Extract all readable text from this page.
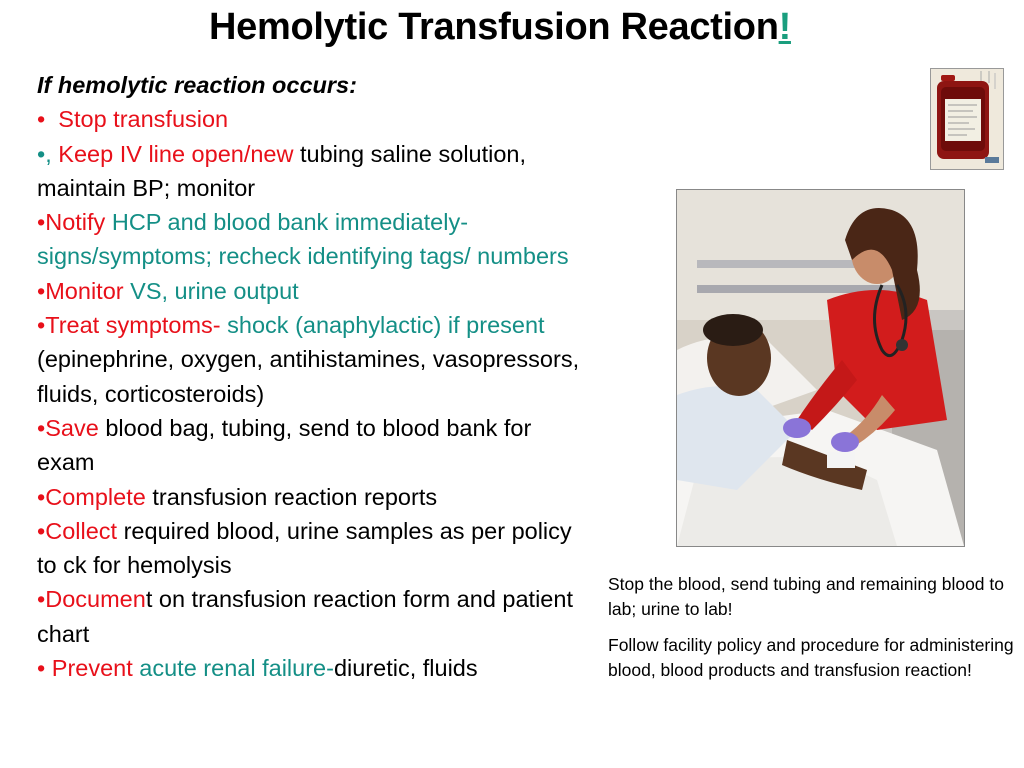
Hemolytic Transfusion Reaction!

If hemolytic reaction occurs:

• Stop transfusion

•, Keep IV line open/new tubing saline solution, maintain BP; monitor

•Notify HCP and blood bank immediately- signs/symptoms; recheck identifying tags/ numbers

•Monitor VS, urine output

•Treat symptoms- shock (anaphylactic) if present (epinephrine, oxygen, antihistamines, vasopressors, fluids, corticosteroids)

•Save blood bag, tubing, send to blood bank for exam

•Complete transfusion reaction reports

•Collect required blood, urine samples as per policy to ck for hemolysis

•Document on transfusion reaction form and patient chart

• Prevent acute renal failure-diuretic, fluids

Stop the blood, send tubing and remaining blood to lab; urine to lab!

Follow facility policy and procedure for administering blood, blood products and transfusion reaction!
